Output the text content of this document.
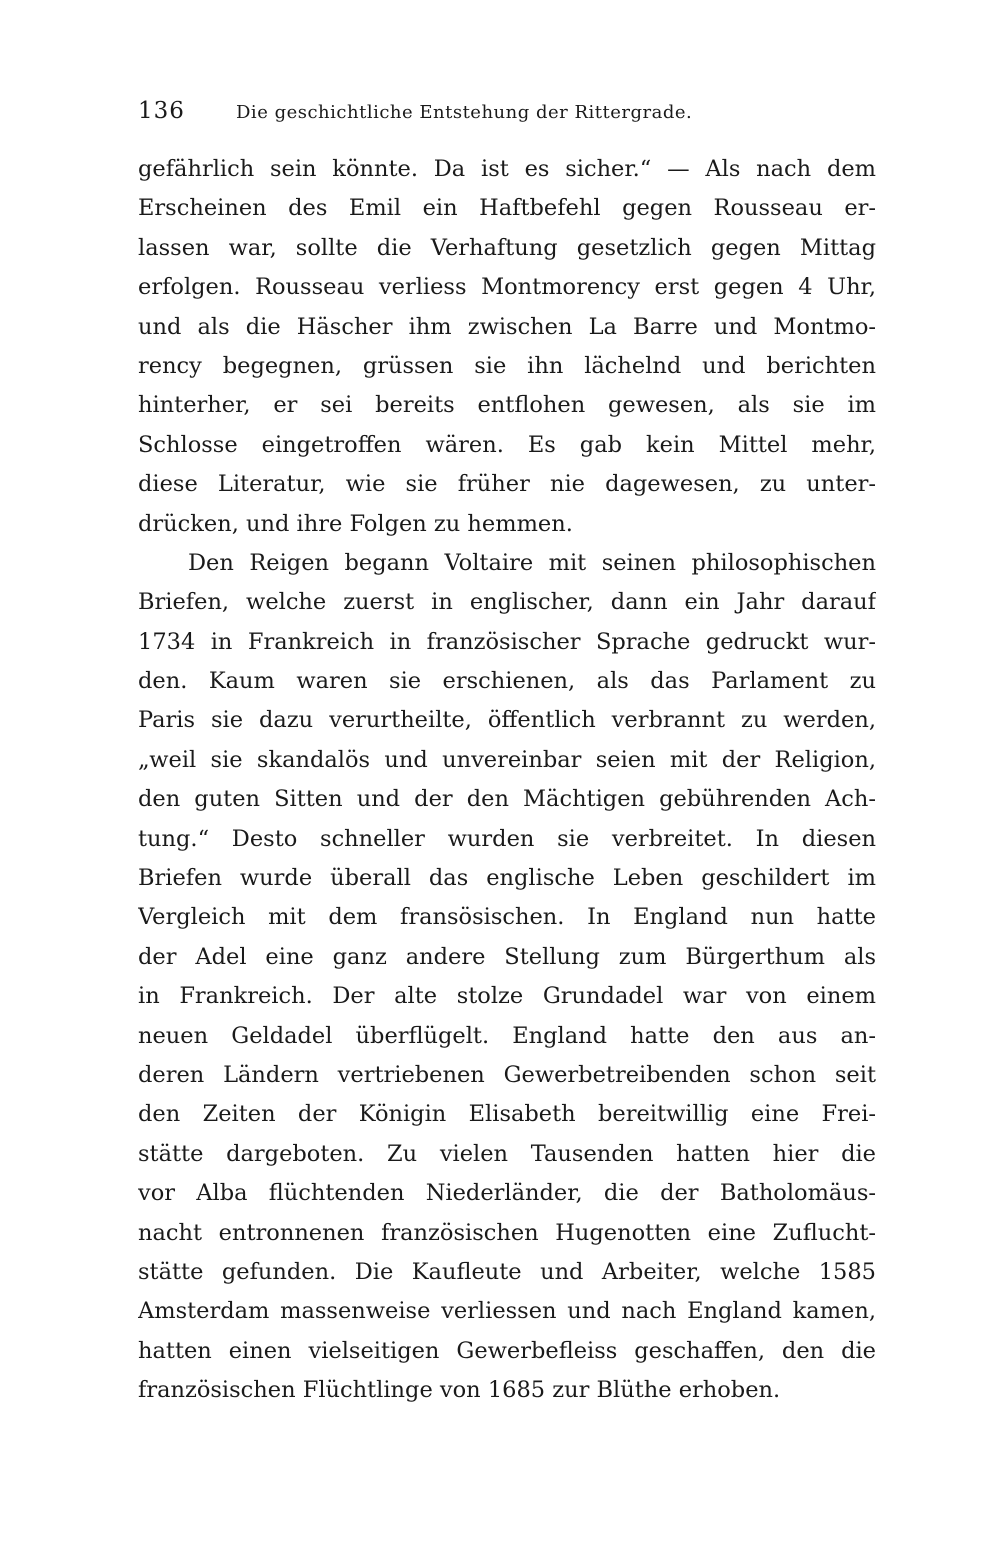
136	Die geschichtliche Entstehung der Rittergrade.
gefährlich sein könnte. Da ist es sicher.“ — Als nach dem
Erscheinen des Emil ein Haftbefehl gegen Rousseau er-
lassen war, sollte die Verhaftung gesetzlich gegen Mittag
erfolgen. Rousseau verliess Montmorency erst gegen 4 Uhr,
und als die Häscher ihm zwischen La Barre und Montmo-
rency begegnen, grüssen sie ihn lächelnd und berichten
hinterher, er sei bereits entflohen gewesen, als sie im
Schlosse eingetroffen wären. Es gab kein Mittel mehr,
diese Literatur, wie sie früher nie dagewesen, zu unter-
drücken, und ihre Folgen zu hemmen.
Den Reigen begann Voltaire mit seinen philosophischen
Briefen, welche zuerst in englischer, dann ein Jahr darauf
1734 in Frankreich in französischer Sprache gedruckt wur-
den. Kaum waren sie erschienen, als das Parlament zu
Paris sie dazu verurtheilte, öffentlich verbrannt zu werden,
„weil sie skandalös und unvereinbar seien mit der Religion,
den guten Sitten und der den Mächtigen gebührenden Ach-
tung.“ Desto schneller wurden sie verbreitet. In diesen
Briefen wurde überall das englische Leben geschildert im
Vergleich mit dem fransösischen. In England nun hatte
der Adel eine ganz andere Stellung zum Bürgerthum als
in Frankreich. Der alte stolze Grundadel war von einem
neuen Geldadel überflügelt. England hatte den aus an-
deren Ländern vertriebenen Gewerbetreibenden schon seit
den Zeiten der Königin Elisabeth bereitwillig eine Frei-
stätte dargeboten. Zu vielen Tausenden hatten hier die
vor Alba flüchtenden Niederländer, die der Batholomäus-
nacht entronnenen französischen Hugenotten eine Zuflucht-
stätte gefunden. Die Kaufleute und Arbeiter, welche 1585
Amsterdam massenweise verliessen und nach England kamen,
hatten einen vielseitigen Gewerbefleiss geschaffen, den die
französischen Flüchtlinge von 1685 zur Blüthe erhoben.
